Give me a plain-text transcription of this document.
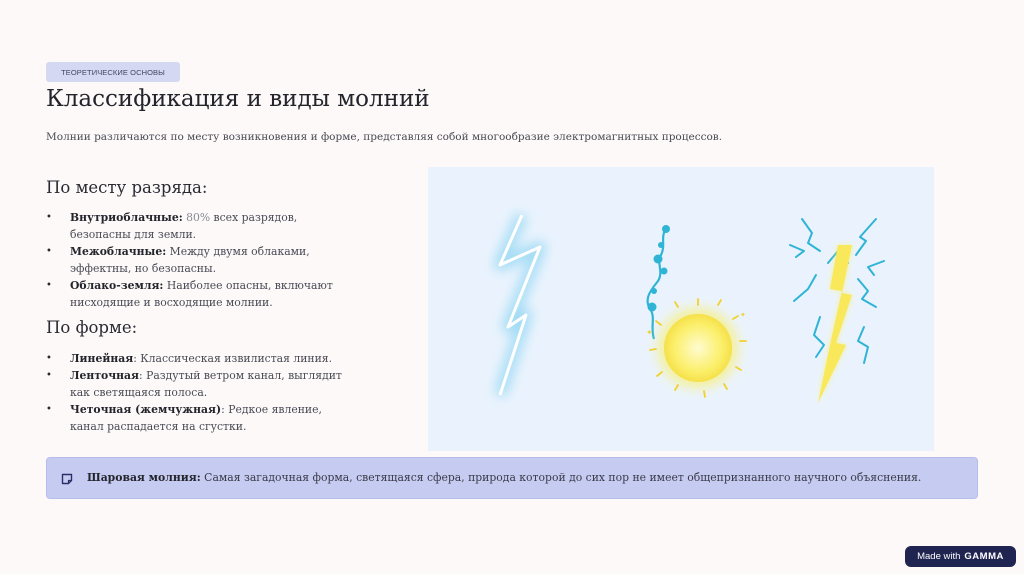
ТЕОРЕТИЧЕСКИЕ ОСНОВЫ
Классификация и виды молний

Молнии различаются по месту возникновения и форме, представляя собой многообразие электромагнитных процессов.

По месту разряда:
• Внутриоблачные: 80% всех разрядов, безопасны для земли.
• Межоблачные: Между двумя облаками, эффектны, но безопасны.
• Облако-земля: Наиболее опасны, включают нисходящие и восходящие молнии.
По форме:
• Линейная: Классическая извилистая линия.
• Ленточная: Раздутый ветром канал, выглядит как светящаяся полоса.
• Четочная (жемчужная): Редкое явление, канал распадается на сгустки.
✦
✦
Шаровая молния: Самая загадочная форма, светящаяся сфера, природа которой до сих пор не имеет общепризнанного научного объяснения.
Made with GAMMA
